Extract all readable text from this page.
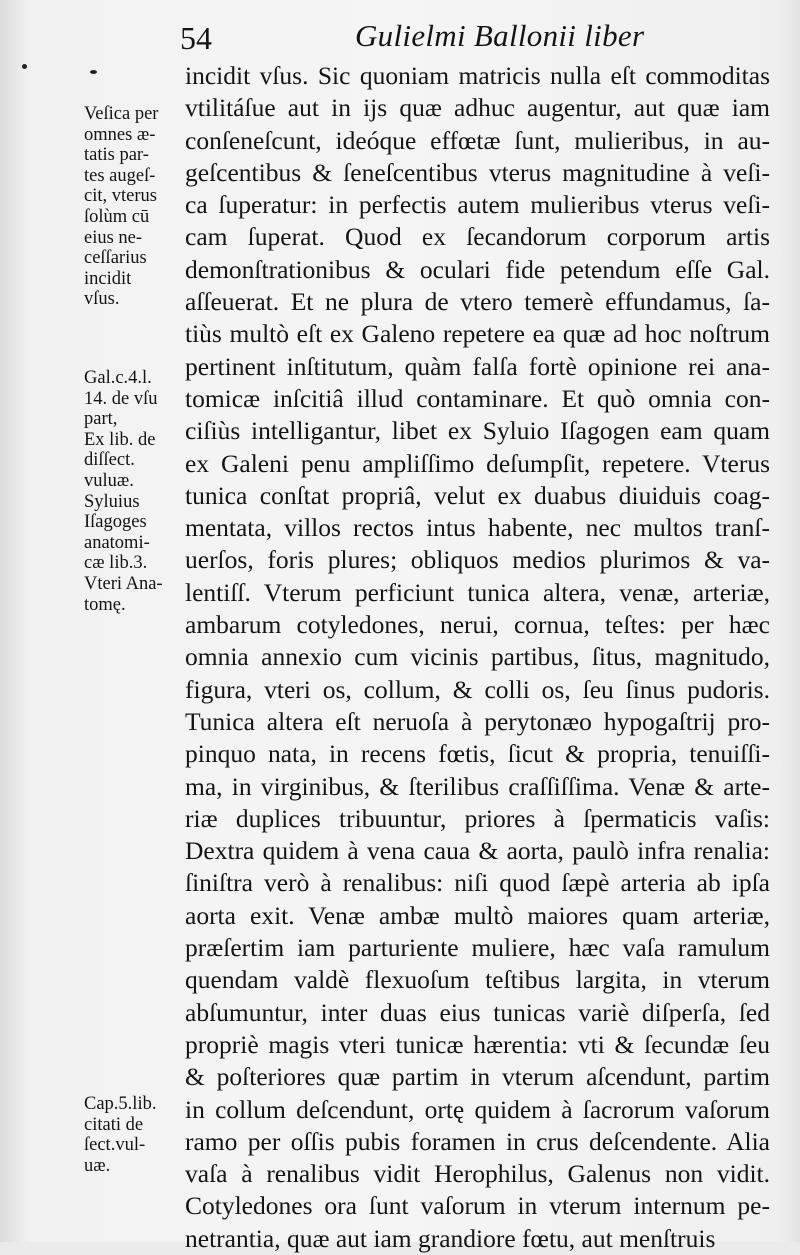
54	Gulielmi Ballonii liber
Veſica per
omnes æ-
tatis par-
tes augeſ-
cit, vterus
ſolùm cū
eius ne-
ceſſarius
incidit
vſus.
Gal.c.4.l.
14. de vſu
part,
Ex lib. de
diſſect.
vuluæ.
Syluius
Iſagoges
anatomi-
cæ lib.3.
Vteri Ana-
tomę.
Cap.5.lib.
citati de
ſect.vul-
uæ.
incidit vſus. Sic quoniam matricis nulla eſt commoditas
vtilitáſue aut in ijs quæ adhuc augentur, aut quæ iam
conſeneſcunt, ideóque effœtæ ſunt, mulieribus, in au-
geſcentibus & ſeneſcentibus vterus magnitudine à veſi-
ca ſuperatur: in perfectis autem mulieribus vterus veſi-
cam ſuperat. Quod ex ſecandorum corporum artis
demonſtrationibus & oculari fide petendum eſſe Gal.
aſſeuerat. Et ne plura de vtero temerè effundamus, ſa-
tiùs multò eſt ex Galeno repetere ea quæ ad hoc noſtrum
pertinent inſtitutum, quàm falſa fortè opinione rei ana-
tomicæ inſcitiâ illud contaminare. Et quò omnia con-
ciſiùs intelligantur, libet ex Syluio Iſagogen eam quam
ex Galeni penu ampliſſimo deſumpſit, repetere. Vterus
tunica conſtat propriâ, velut ex duabus diuiduis coag-
mentata, villos rectos intus habente, nec multos tranſ-
uerſos, foris plures; obliquos medios plurimos & va-
lentiſſ. Vterum perficiunt tunica altera, venæ, arteriæ,
ambarum cotyledones, nerui, cornua, teſtes: per hæc
omnia annexio cum vicinis partibus, ſitus, magnitudo,
figura, vteri os, collum, & colli os, ſeu ſinus pudoris.
Tunica altera eſt neruoſa à perytonæo hypogaſtrij pro-
pinquo nata, in recens fœtis, ſicut & propria, tenuiſſi-
ma, in virginibus, & ſterilibus craſſiſſima. Venæ & arte-
riæ duplices tribuuntur, priores à ſpermaticis vaſis:
Dextra quidem à vena caua & aorta, paulò infra renalia:
ſiniſtra verò à renalibus: niſi quod ſæpè arteria ab ipſa
aorta exit. Venæ ambæ multò maiores quam arteriæ,
præſertim iam parturiente muliere, hæc vaſa ramulum
quendam valdè flexuoſum teſtibus largita, in vterum
abſumuntur, inter duas eius tunicas variè diſperſa, ſed
propriè magis vteri tunicæ hærentia: vti & ſecundæ ſeu
& poſteriores quæ partim in vterum aſcendunt, partim
in collum deſcendunt, ortę quidem à ſacrorum vaſorum
ramo per oſſis pubis foramen in crus deſcendente. Alia
vaſa à renalibus vidit Herophilus, Galenus non vidit.
Cotyledones ora ſunt vaſorum in vterum internum pe-
netrantia, quæ aut iam grandiore fœtu, aut menſtruis
